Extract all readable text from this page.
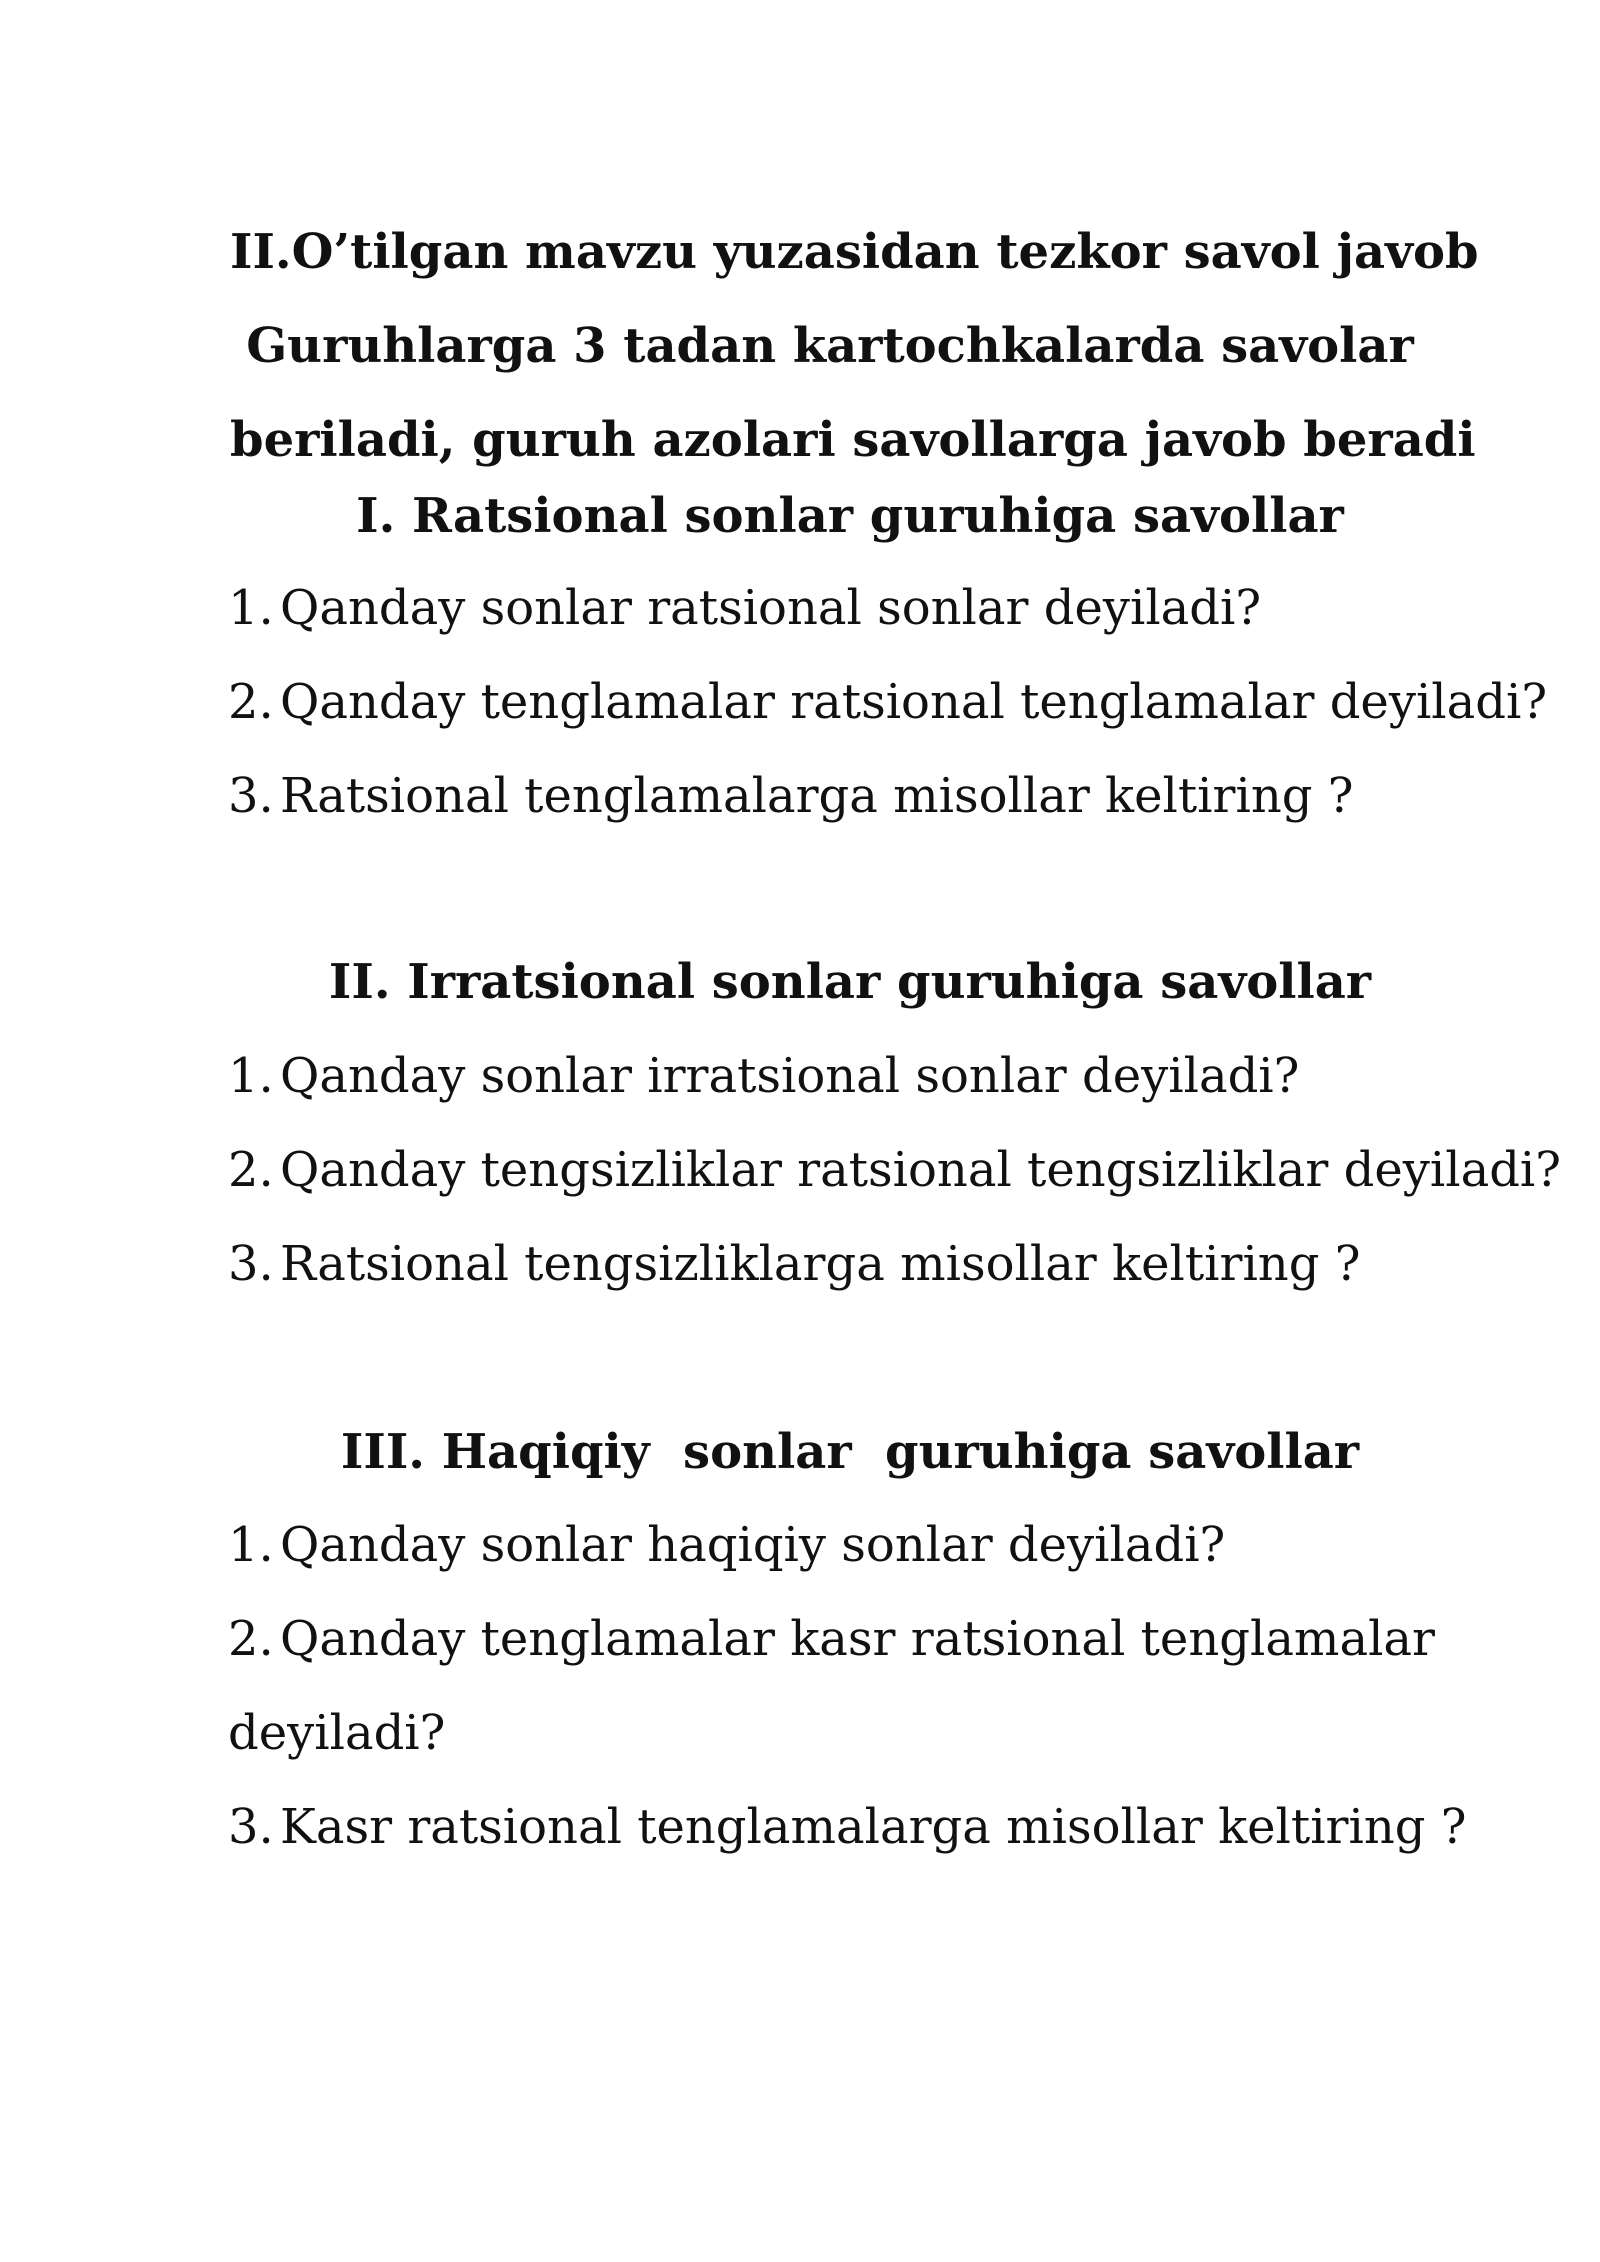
II.O’tilgan mavzu yuzasidan tezkor savol javob
Guruhlarga 3 tadan kartochkalarda savolar
beriladi, guruh azolari savollarga javob beradi
I. Ratsional sonlar guruhiga savollar
1. Qanday sonlar ratsional sonlar deyiladi?
2. Qanday tenglamalar ratsional tenglamalar deyiladi?
3. Ratsional tenglamalarga misollar keltiring ?
II. Irratsional sonlar guruhiga savollar
1. Qanday sonlar irratsional sonlar deyiladi?
2. Qanday tengsizliklar ratsional tengsizliklar deyiladi?
3. Ratsional tengsizliklarga misollar keltiring ?
III. Haqiqiy  sonlar  guruhiga savollar
1. Qanday sonlar haqiqiy sonlar deyiladi?
2. Qanday tenglamalar kasr ratsional tenglamalar
deyiladi?
3. Kasr ratsional tenglamalarga misollar keltiring ?
